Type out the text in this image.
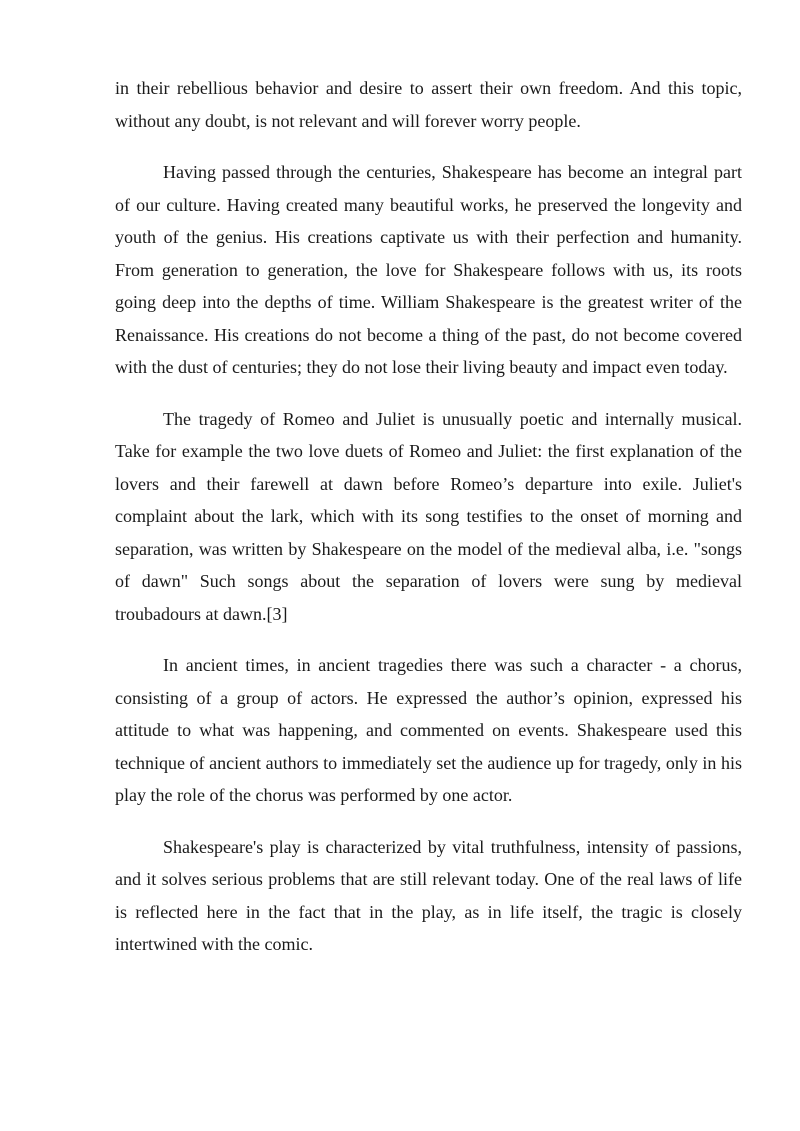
in their rebellious behavior and desire to assert their own freedom. And this topic, without any doubt, is not relevant and will forever worry people.

Having passed through the centuries, Shakespeare has become an integral part of our culture. Having created many beautiful works, he preserved the longevity and youth of the genius. His creations captivate us with their perfection and humanity. From generation to generation, the love for Shakespeare follows with us, its roots going deep into the depths of time. William Shakespeare is the greatest writer of the Renaissance. His creations do not become a thing of the past, do not become covered with the dust of centuries; they do not lose their living beauty and impact even today.

The tragedy of Romeo and Juliet is unusually poetic and internally musical. Take for example the two love duets of Romeo and Juliet: the first explanation of the lovers and their farewell at dawn before Romeo’s departure into exile. Juliet's complaint about the lark, which with its song testifies to the onset of morning and separation, was written by Shakespeare on the model of the medieval alba, i.e. "songs of dawn" Such songs about the separation of lovers were sung by medieval troubadours at dawn.[3]

In ancient times, in ancient tragedies there was such a character - a chorus, consisting of a group of actors. He expressed the author’s opinion, expressed his attitude to what was happening, and commented on events. Shakespeare used this technique of ancient authors to immediately set the audience up for tragedy, only in his play the role of the chorus was performed by one actor.

Shakespeare's play is characterized by vital truthfulness, intensity of passions, and it solves serious problems that are still relevant today. One of the real laws of life is reflected here in the fact that in the play, as in life itself, the tragic is closely intertwined with the comic.
